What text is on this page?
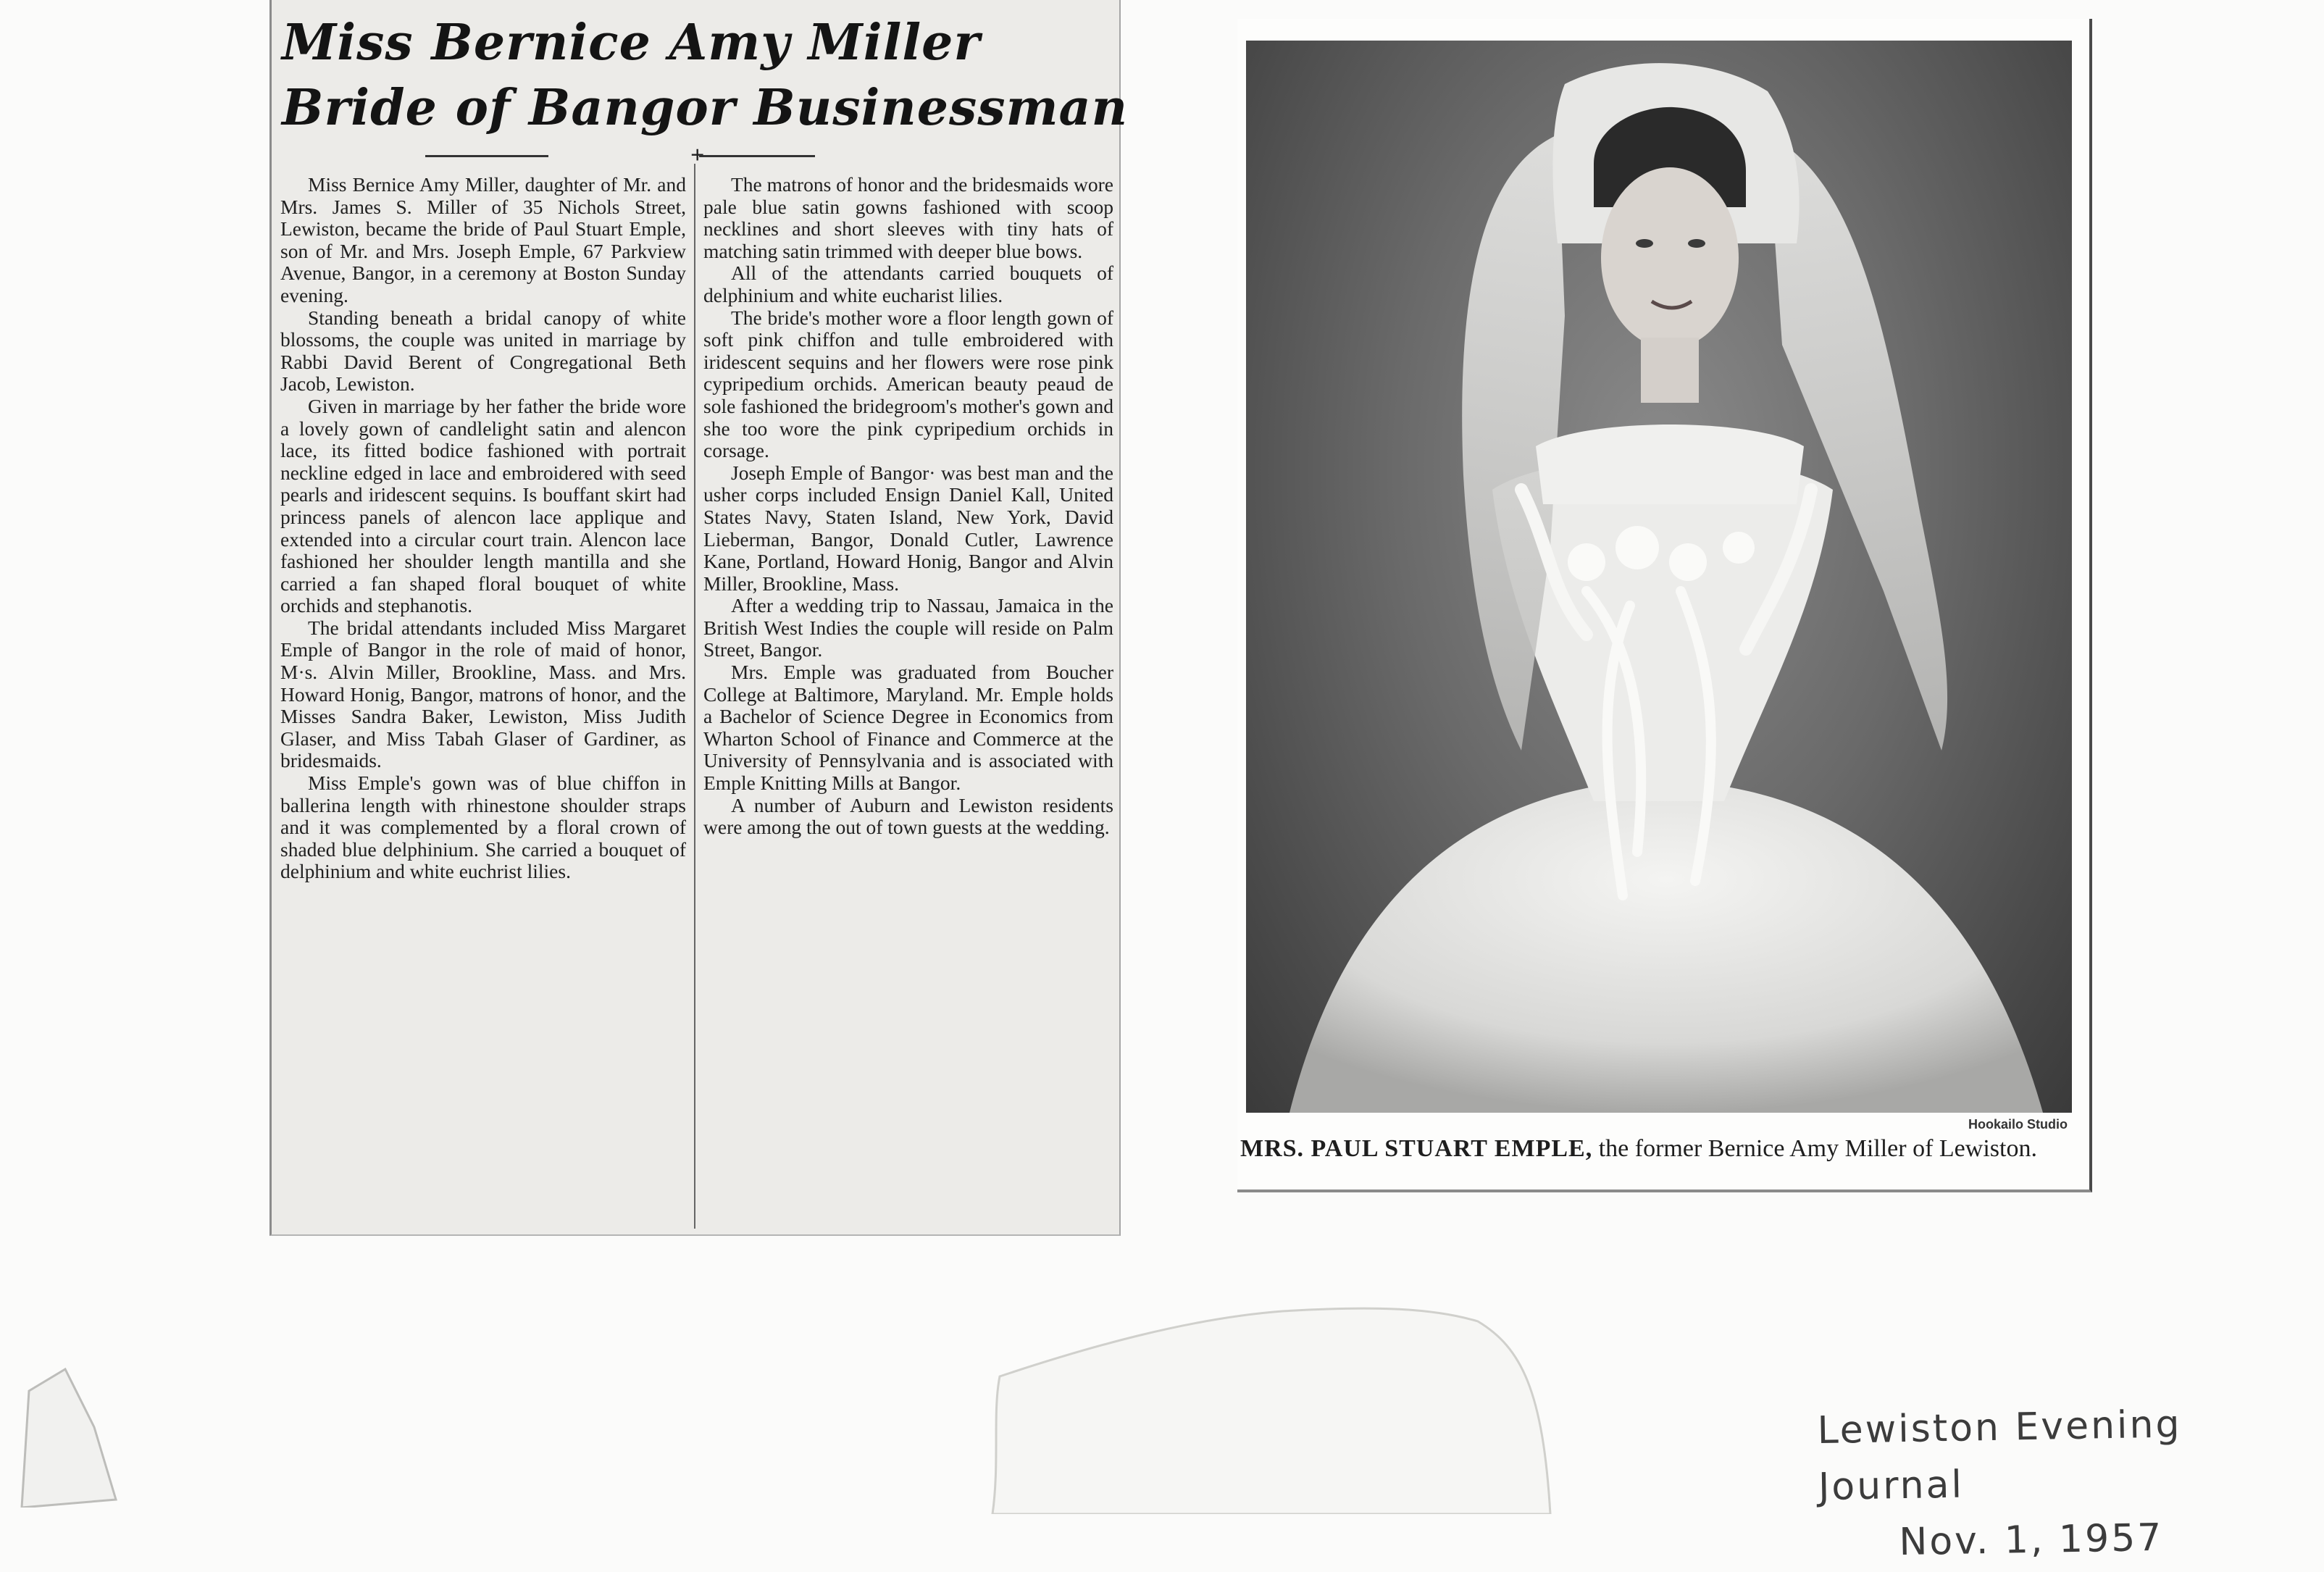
Miss Bernice Amy Miller
Bride of Bangor Businessman
+

Miss Bernice Amy Miller, daughter of Mr. and Mrs. James S. Miller of 35 Nichols Street, Lewiston, became the bride of Paul Stuart Emple, son of Mr. and Mrs. Joseph Emple, 67 Parkview Avenue, Bangor, in a ceremony at Boston Sunday evening.

Standing beneath a bridal canopy of white blossoms, the couple was united in marriage by Rabbi David Berent of Congregational Beth Jacob, Lewiston.

Given in marriage by her father the bride wore a lovely gown of candlelight satin and alencon lace, its fitted bodice fashioned with portrait neckline edged in lace and embroidered with seed pearls and iridescent sequins. Is bouffant skirt had princess panels of alencon lace applique and extended into a circular court train. Alencon lace fashioned her shoulder length mantilla and she carried a fan shaped floral bouquet of white orchids and stephanotis.

The bridal attendants included Miss Margaret Emple of Bangor in the role of maid of honor, M·s. Alvin Miller, Brookline, Mass. and Mrs. Howard Honig, Bangor, matrons of honor, and the Misses Sandra Baker, Lewiston, Miss Judith Glaser, and Miss Tabah Glaser of Gardiner, as bridesmaids.

Miss Emple's gown was of blue chiffon in ballerina length with rhinestone shoulder straps and it was complemented by a floral crown of shaded blue delphinium. She carried a bouquet of delphinium and white euchrist lilies.

The matrons of honor and the bridesmaids wore pale blue satin gowns fashioned with scoop necklines and short sleeves with tiny hats of matching satin trimmed with deeper blue bows.

All of the attendants carried bouquets of delphinium and white eucharist lilies.

The bride's mother wore a floor length gown of soft pink chiffon and tulle embroidered with iridescent sequins and her flowers were rose pink cypripedium orchids. American beauty peaud de sole fashioned the bridegroom's mother's gown and she too wore the pink cypripedium orchids in corsage.

Joseph Emple of Bangor· was best man and the usher corps included Ensign Daniel Kall, United States Navy, Staten Island, New York, David Lieberman, Bangor, Donald Cutler, Lawrence Kane, Portland, Howard Honig, Bangor and Alvin Miller, Brookline, Mass.

After a wedding trip to Nassau, Jamaica in the British West Indies the couple will reside on Palm Street, Bangor.

Mrs. Emple was graduated from Boucher College at Baltimore, Maryland. Mr. Emple holds a Bachelor of Science Degree in Economics from Wharton School of Finance and Commerce at the University of Pennsylvania and is associated with Emple Knitting Mills at Bangor.

A number of Auburn and Lewiston residents were among the out of town guests at the wedding.

Hookailo Studio
MRS. PAUL STUART EMPLE, the former Bernice Amy Miller of Lewiston.
Lewiston Evening Journal
Nov. 1, 1957
